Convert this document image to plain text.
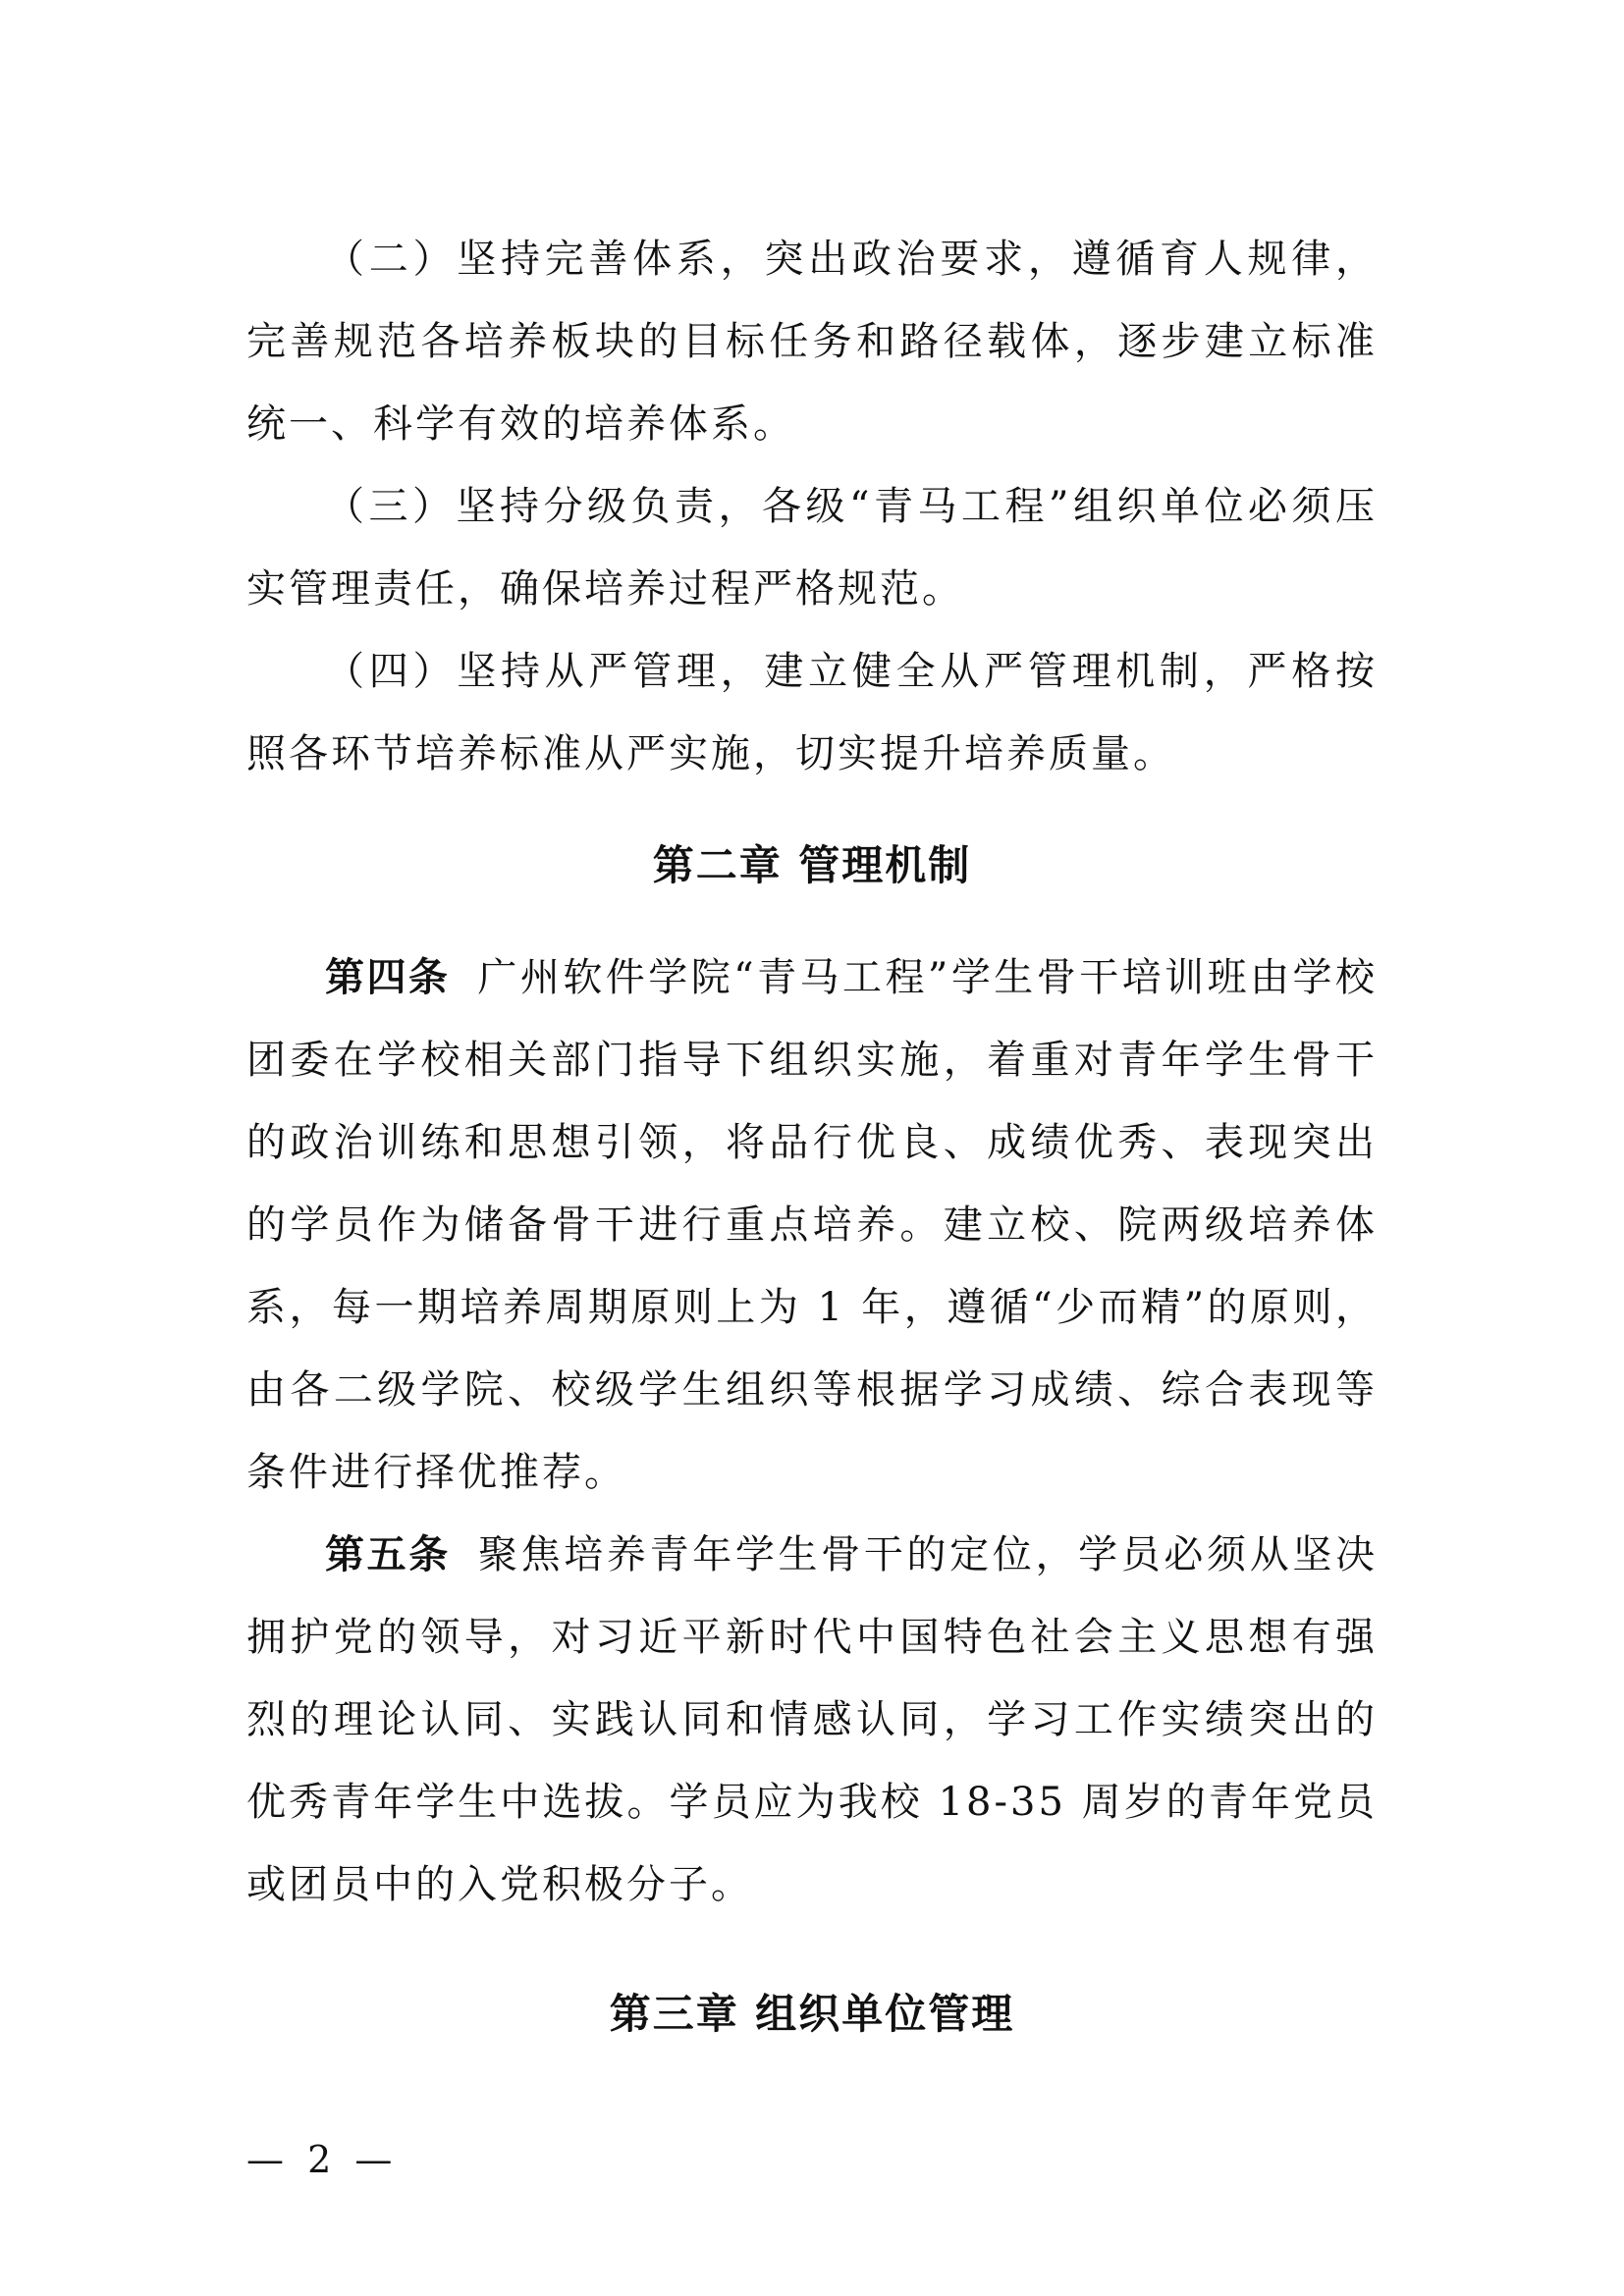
（二）坚持完善体系，突出政治要求，遵循育人规律，完善规范各培养板块的目标任务和路径载体，逐步建立标准统一、科学有效的培养体系。

（三）坚持分级负责，各级“青马工程”组织单位必须压实管理责任，确保培养过程严格规范。

（四）坚持从严管理，建立健全从严管理机制，严格按照各环节培养标准从严实施，切实提升培养质量。

第二章 管理机制

第四条 广州软件学院“青马工程”学生骨干培训班由学校团委在学校相关部门指导下组织实施，着重对青年学生骨干的政治训练和思想引领，将品行优良、成绩优秀、表现突出的学员作为储备骨干进行重点培养。建立校、院两级培养体系，每一期培养周期原则上为 1 年，遵循“少而精”的原则，由各二级学院、校级学生组织等根据学习成绩、综合表现等条件进行择优推荐。

第五条 聚焦培养青年学生骨干的定位，学员必须从坚决拥护党的领导，对习近平新时代中国特色社会主义思想有强烈的理论认同、实践认同和情感认同，学习工作实绩突出的优秀青年学生中选拔。学员应为我校 18-35 周岁的青年党员或团员中的入党积极分子。

第三章 组织单位管理
— 2 —
